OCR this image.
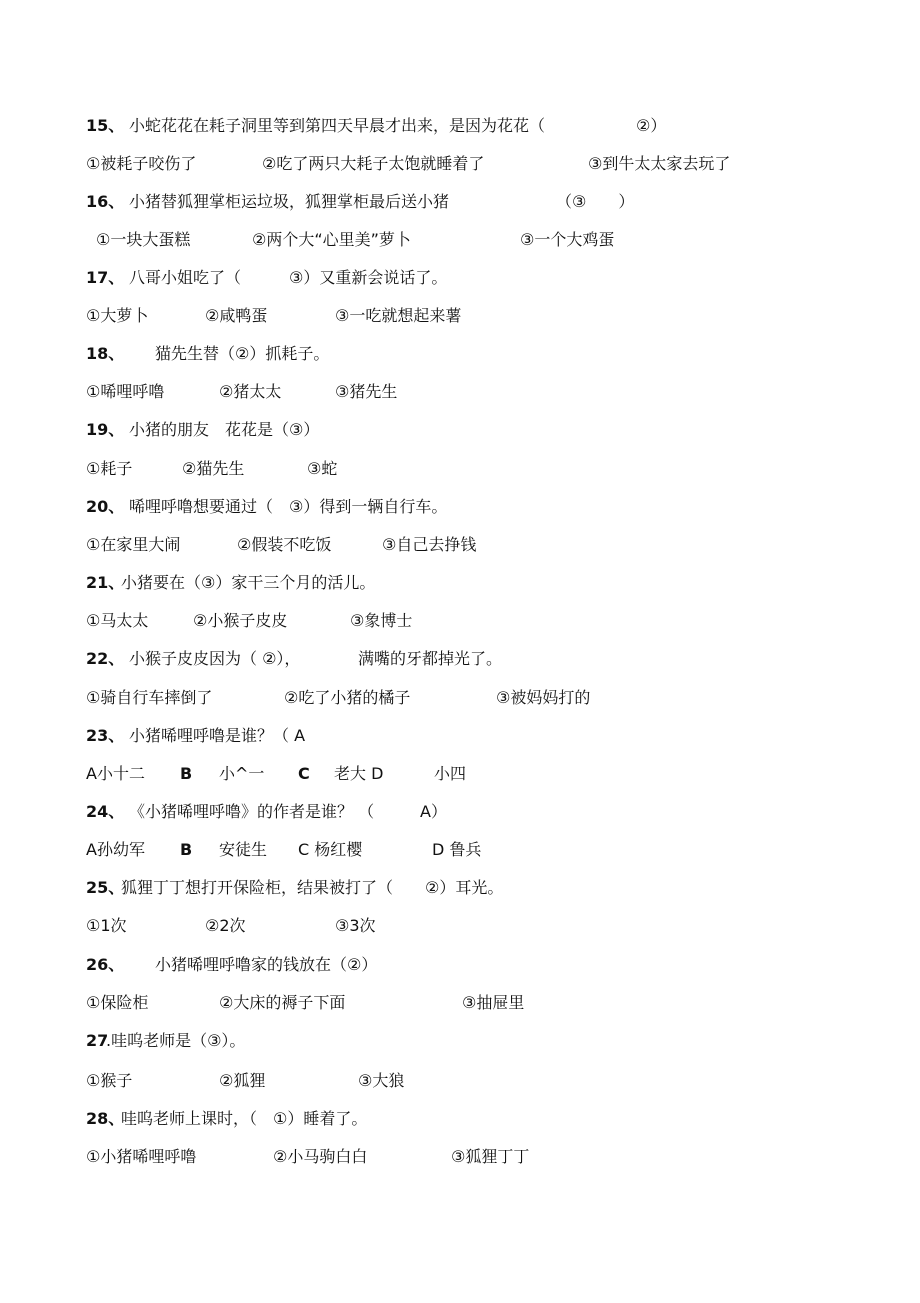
15、

小蛇花花在耗子洞里等到第四天早晨才出来，是因为花花（

	②）

①被耗子咬伤了

	②吃了两只大耗子太饱就睡着了

	③到牛太太家去玩了

16、

小猪替狐狸掌柜运垃圾，狐狸掌柜最后送小猪

	（③　　）

①一块大蛋糕

	②两个大“心里美”萝卜

	③一个大鸡蛋

17、

八哥小姐吃了（　　　③）又重新会说话了。

①大萝卜

	②咸鸭蛋

	③一吃就想起来薯

18、

猫先生替（②）抓耗子。

①唏哩呼噜

	②猪太太

	③猪先生

19、

小猪的朋友　花花是（③）

①耗子

	②猫先生

	③蛇

20、

唏哩呼噜想要通过（　③）得到一辆自行车。

①在家里大闹

	②假装不吃饭

	③自己去挣钱

21、

小猪要在（③）家干三个月的活儿。

①马太太

	②小猴子皮皮

	③象博士

22、

小猴子皮皮因为（ ②），

	满嘴的牙都掉光了。

①骑自行车摔倒了

	②吃了小猪的橘子

	③被妈妈打的

23、

小猪唏哩呼噜是谁？（ A

A小十二

B

小^一

C

老大 D

	小四

24、

《小猪唏哩呼噜》的作者是谁？ （

	A）

A孙幼军

B

安徒生

C 杨红樱

	D 鲁兵

25、

狐狸丁丁想打开保险柜，结果被打了（　　②）耳光。

①1次

	②2次

	③3次

26、

小猪唏哩呼噜家的钱放在（②）

①保险柜

	②大床的褥子下面

	③抽屉里

27

.哇呜老师是（③）。

①猴子

	②狐狸

	③大狼

28、

哇呜老师上课时，（　①）睡着了。

①小猪唏哩呼噜

	②小马驹白白

	③狐狸丁丁
